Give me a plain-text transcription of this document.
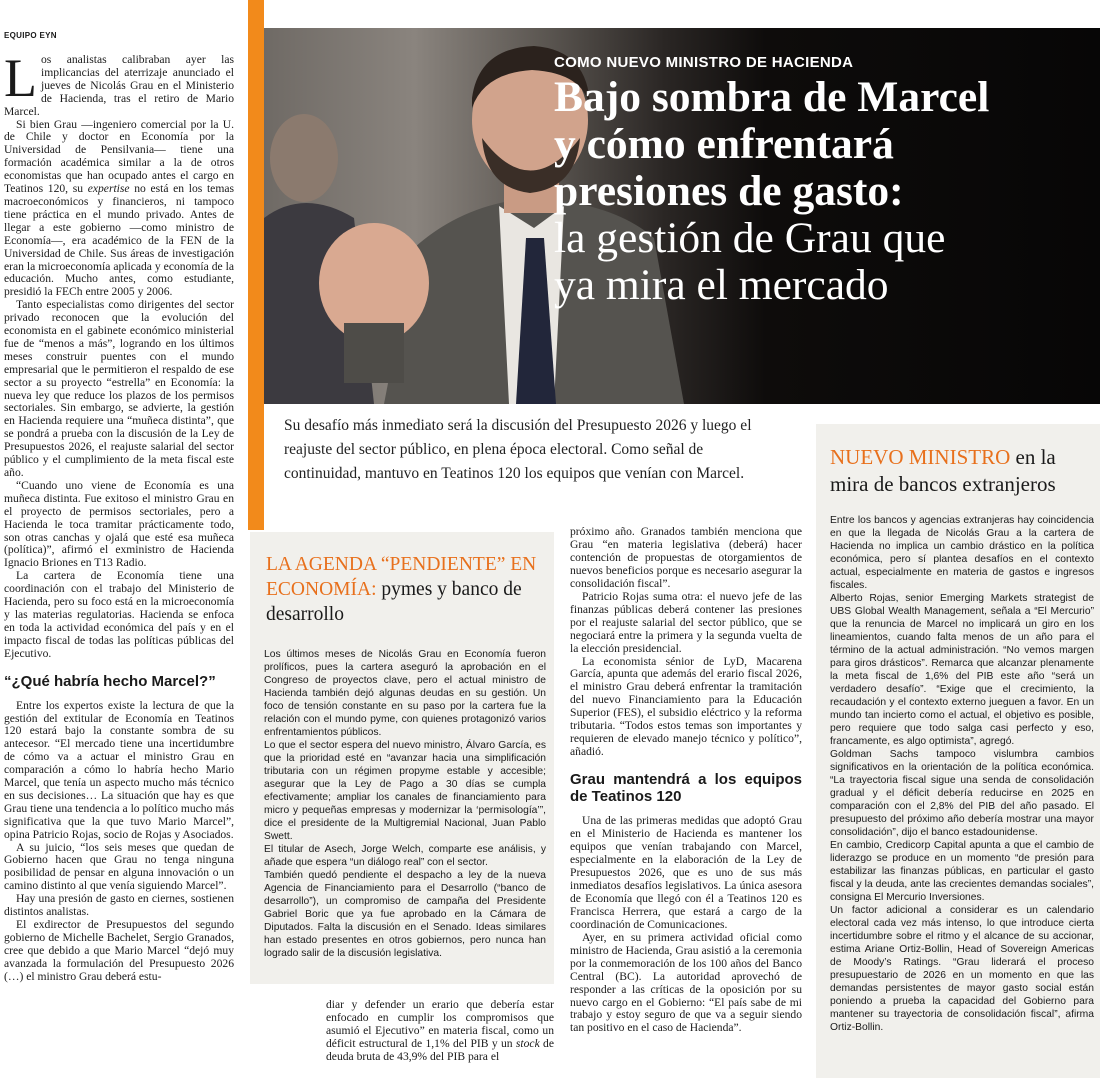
EQUIPO EYN

Los analistas calibraban ayer las implicancias del aterrizaje anunciado el jueves de Nicolás Grau en el Ministerio de Hacienda, tras el retiro de Mario Marcel.

Si bien Grau —ingeniero comercial por la U. de Chile y doctor en Economía por la Universidad de Pensilvania— tiene una formación académica similar a la de otros economistas que han ocupado antes el cargo en Teatinos 120, su expertise no está en los temas macroeconómicos y financieros, ni tampoco tiene práctica en el mundo privado. Antes de llegar a este gobierno —como ministro de Economía—, era académico de la FEN de la Universidad de Chile. Sus áreas de investigación eran la microeconomía aplicada y economía de la educación. Mucho antes, como estudiante, presidió la FECh entre 2005 y 2006.

Tanto especialistas como dirigentes del sector privado reconocen que la evolución del economista en el gabinete económico ministerial fue de “menos a más”, logrando en los últimos meses construir puentes con el mundo empresarial que le permitieron el respaldo de ese sector a su proyecto “estrella” en Economía: la nueva ley que reduce los plazos de los permisos sectoriales. Sin embargo, se advierte, la gestión en Hacienda requiere una “muñeca distinta”, que se pondrá a prueba con la discusión de la Ley de Presupuestos 2026, el reajuste salarial del sector público y el cumplimiento de la meta fiscal este año.

“Cuando uno viene de Economía es una muñeca distinta. Fue exitoso el ministro Grau en el proyecto de permisos sectoriales, pero a Hacienda le toca tramitar prácticamente todo, son otras canchas y ojalá que esté esa muñeca (política)”, afirmó el exministro de Hacienda Ignacio Briones en T13 Radio.

La cartera de Economía tiene una coordinación con el trabajo del Ministerio de Hacienda, pero su foco está en la microeconomía y las materias regulatorias. Hacienda se enfoca en toda la actividad económica del país y en el impacto fiscal de todas las políticas públicas del Ejecutivo.

“¿Qué habría hecho Marcel?”

Entre los expertos existe la lectura de que la gestión del extitular de Economía en Teatinos 120 estará bajo la constante sombra de su antecesor. “El mercado tiene una incertidumbre de cómo va a actuar el ministro Grau en comparación a cómo lo habría hecho Mario Marcel, que tenía un aspecto mucho más técnico en sus decisiones… La situación que hay es que Grau tiene una tendencia a lo político mucho más significativa que la que tuvo Mario Marcel”, opina Patricio Rojas, socio de Rojas y Asociados.

A su juicio, “los seis meses que quedan de Gobierno hacen que Grau no tenga ninguna posibilidad de pensar en alguna innovación o un camino distinto al que venía siguiendo Marcel”.

Hay una presión de gasto en ciernes, sostienen distintos analistas.

El exdirector de Presupuestos del segundo gobierno de Michelle Bachelet, Sergio Granados, cree que debido a que Mario Marcel “dejó muy avanzada la formulación del Presupuesto 2026 (…) el ministro Grau deberá estu-

COMO NUEVO MINISTRO DE HACIENDA
Bajo sombra de Marcel
y cómo enfrentará
presiones de gasto:
la gestión de Grau que
ya mira el mercado
Su desafío más inmediato será la discusión del Presupuesto 2026 y luego el reajuste del sector público, en plena época electoral. Como señal de continuidad, mantuvo en Teatinos 120 los equipos que venían con Marcel.
LA AGENDA “PENDIENTE” EN ECONOMÍA: pymes y banco de desarrollo

Los últimos meses de Nicolás Grau en Economía fueron prolíficos, pues la cartera aseguró la aprobación en el Congreso de proyectos clave, pero el actual ministro de Hacienda también dejó algunas deudas en su gestión. Un foco de tensión constante en su paso por la cartera fue la relación con el mundo pyme, con quienes protagonizó varios enfrentamientos públicos.

Lo que el sector espera del nuevo ministro, Álvaro García, es que la prioridad esté en “avanzar hacia una simplificación tributaria con un régimen propyme estable y accesible; asegurar que la Ley de Pago a 30 días se cumpla efectivamente; ampliar los canales de financiamiento para micro y pequeñas empresas y modernizar la ‘permisología’”, dice el presidente de la Multigremial Nacional, Juan Pablo Swett.

El titular de Asech, Jorge Welch, comparte ese análisis, y añade que espera “un diálogo real” con el sector.

También quedó pendiente el despacho a ley de la nueva Agencia de Financiamiento para el Desarrollo (“banco de desarrollo”), un compromiso de campaña del Presidente Gabriel Boric que ya fue aprobado en la Cámara de Diputados. Falta la discusión en el Senado. Ideas similares han estado presentes en otros gobiernos, pero nunca han logrado salir de la discusión legislativa.

diar y defender un erario que debería estar enfocado en cumplir los compromisos que asumió el Ejecutivo” en materia fiscal, como un déficit estructural de 1,1% del PIB y un stock de deuda bruta de 43,9% del PIB para el

próximo año. Granados también menciona que Grau “en materia legislativa (deberá) hacer contención de propuestas de otorgamientos de nuevos beneficios porque es necesario asegurar la consolidación fiscal”.

Patricio Rojas suma otra: el nuevo jefe de las finanzas públicas deberá contener las presiones por el reajuste salarial del sector público, que se negociará entre la primera y la segunda vuelta de la elección presidencial.

La economista sénior de LyD, Macarena García, apunta que además del erario fiscal 2026, el ministro Grau deberá enfrentar la tramitación del nuevo Financiamiento para la Educación Superior (FES), el subsidio eléctrico y la reforma tributaria. “Todos estos temas son importantes y requieren de elevado manejo técnico y político”, añadió.

Grau mantendrá a los equipos de Teatinos 120

Una de las primeras medidas que adoptó Grau en el Ministerio de Hacienda es mantener los equipos que venían trabajando con Marcel, especialmente en la elaboración de la Ley de Presupuestos 2026, que es uno de sus más inmediatos desafíos legislativos. La única asesora de Economía que llegó con él a Teatinos 120 es Francisca Herrera, que estará a cargo de la coordinación de Comunicaciones.

Ayer, en su primera actividad oficial como ministro de Hacienda, Grau asistió a la ceremonia por la conmemoración de los 100 años del Banco Central (BC). La autoridad aprovechó de responder a las críticas de la oposición por su nuevo cargo en el Gobierno: “El país sabe de mi trabajo y estoy seguro de que va a seguir siendo tan positivo en el caso de Hacienda”.

NUEVO MINISTRO en la mira de bancos extranjeros

Entre los bancos y agencias extranjeras hay coincidencia en que la llegada de Nicolás Grau a la cartera de Hacienda no implica un cambio drástico en la política económica, pero sí plantea desafíos en el contexto actual, especialmente en materia de gastos e ingresos fiscales.

Alberto Rojas, senior Emerging Markets strategist de UBS Global Wealth Management, señala a “El Mercurio” que la renuncia de Marcel no implicará un giro en los lineamientos, cuando falta menos de un año para el término de la actual administración. “No vemos margen para giros drásticos”. Remarca que alcanzar plenamente la meta fiscal de 1,6% del PIB este año “será un verdadero desafío”. “Exige que el crecimiento, la recaudación y el contexto externo jueguen a favor. En un mundo tan incierto como el actual, el objetivo es posible, pero requiere que todo salga casi perfecto y eso, francamente, es algo optimista”, agregó.

Goldman Sachs tampoco vislumbra cambios significativos en la orientación de la política económica. “La trayectoria fiscal sigue una senda de consolidación gradual y el déficit debería reducirse en 2025 en comparación con el 2,8% del PIB del año pasado. El presupuesto del próximo año debería mostrar una mayor consolidación”, dijo el banco estadounidense.

En cambio, Credicorp Capital apunta a que el cambio de liderazgo se produce en un momento “de presión para estabilizar las finanzas públicas, en particular el gasto fiscal y la deuda, ante las crecientes demandas sociales”, consigna El Mercurio Inversiones.

Un factor adicional a considerar es un calendario electoral cada vez más intenso, lo que introduce cierta incertidumbre sobre el ritmo y el alcance de su accionar, estima Ariane Ortiz-Bollin, Head of Sovereign Americas de Moody’s Ratings. “Grau liderará el proceso presupuestario de 2026 en un momento en que las demandas persistentes de mayor gasto social están poniendo a prueba la capacidad del Gobierno para mantener su trayectoria de consolidación fiscal”, afirma Ortiz-Bollin.
